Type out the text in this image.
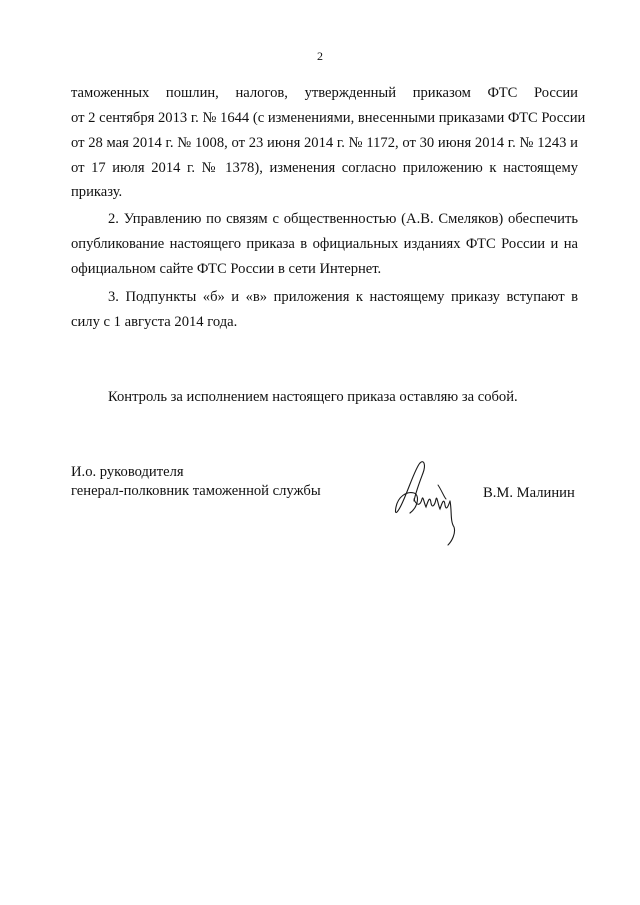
2
таможенных пошлин, налогов, утвержденный приказом ФТС России
от 2 сентября 2013 г. № 1644 (с изменениями, внесенными приказами ФТС России
от 28 мая 2014 г. № 1008, от 23 июня 2014 г. № 1172, от 30 июня 2014 г. № 1243 и
от 17 июля 2014 г. № 1378), изменения согласно приложению к настоящему
приказу.
2. Управлению по связям с общественностью (А.В. Смеляков) обеспечить
опубликование настоящего приказа в официальных изданиях ФТС России и на
официальном сайте ФТС России в сети Интернет.
3. Подпункты «б» и «в» приложения к настоящему приказу вступают в
силу с 1 августа 2014 года.
Контроль за исполнением настоящего приказа оставляю за собой.
И.о. руководителя
генерал-полковник таможенной службы	В.М. Малинин
